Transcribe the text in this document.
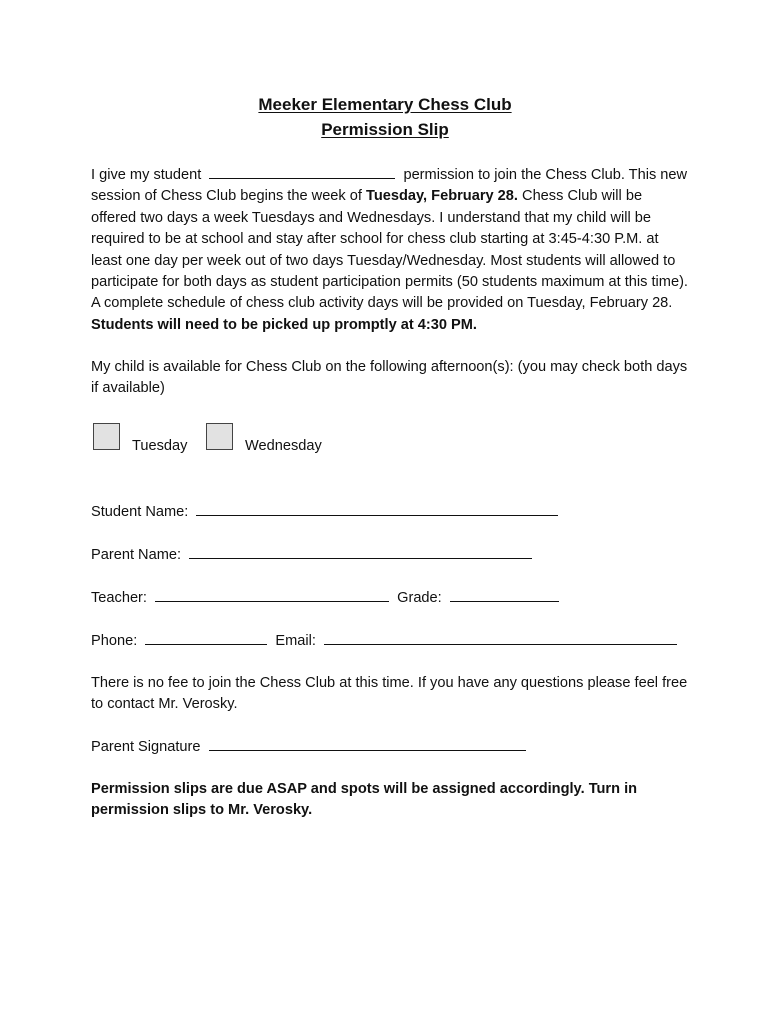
Meeker Elementary Chess Club
Permission Slip
I give my student	permission to join the Chess Club. This new session of Chess Club begins the week of Tuesday, February 28. Chess Club will be offered two days a week Tuesdays and Wednesdays. I understand that my child will be required to be at school and stay after school for chess club starting at 3:45-4:30 P.M. at least one day per week out of two days Tuesday/Wednesday. Most students will allowed to participate for both days as student participation permits (50 students maximum at this time). A complete schedule of chess club activity days will be provided on Tuesday, February 28. Students will need to be picked up promptly at 4:30 PM.
My child is available for Chess Club on the following afternoon(s): (you may check both days if available)
Tuesday	Wednesday
Student Name:
Parent Name:
Teacher:	Grade:
Phone:	Email:
There is no fee to join the Chess Club at this time. If you have any questions please feel free to contact Mr. Verosky.
Parent Signature
Permission slips are due ASAP and spots will be assigned accordingly. Turn in permission slips to Mr. Verosky.
